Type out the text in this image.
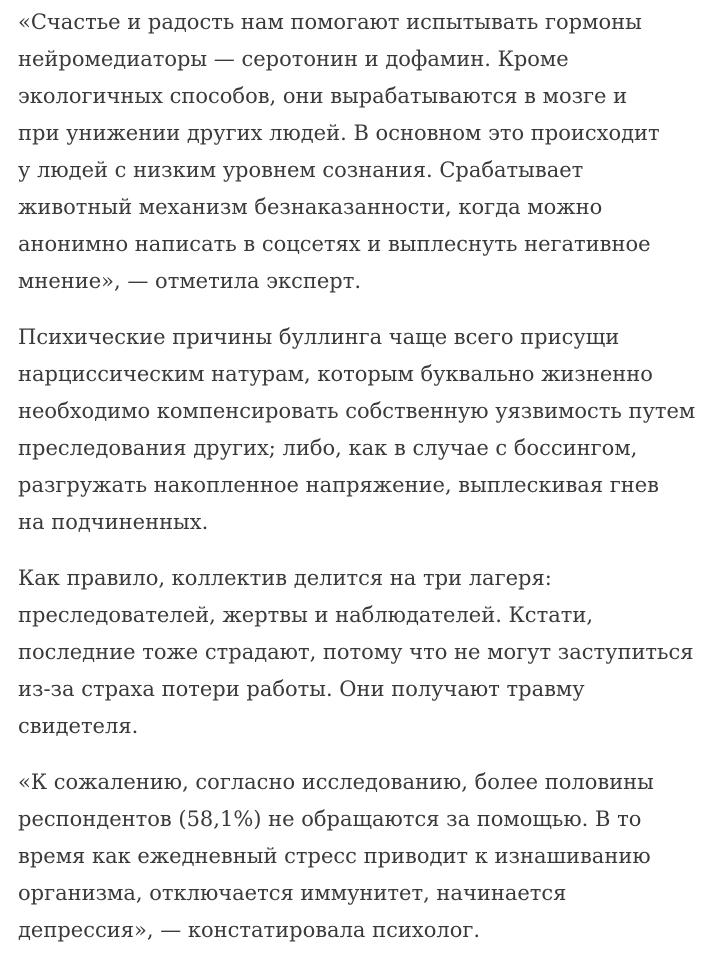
«Счастье и радость нам помогают испытывать гормоны
нейромедиаторы — серотонин и дофамин. Кроме
экологичных способов, они вырабатываются в мозге и
при унижении других людей. В основном это происходит
у людей с низким уровнем сознания. Срабатывает
животный механизм безнаказанности, когда можно
анонимно написать в соцсетях и выплеснуть негативное
мнение», — отметила эксперт.

Психические причины буллинга чаще всего присущи
нарциссическим натурам, которым буквально жизненно
необходимо компенсировать собственную уязвимость путем
преследования других; либо, как в случае с боссингом,
разгружать накопленное напряжение, выплескивая гнев
на подчиненных.

Как правило, коллектив делится на три лагеря:
преследователей, жертвы и наблюдателей. Кстати,
последние тоже страдают, потому что не могут заступиться
из-за страха потери работы. Они получают травму
свидетеля.

«К сожалению, согласно исследованию, более половины
респондентов (58,1%) не обращаются за помощью. В то
время как ежедневный стресс приводит к изнашиванию
организма, отключается иммунитет, начинается
депрессия», — констатировала психолог.
